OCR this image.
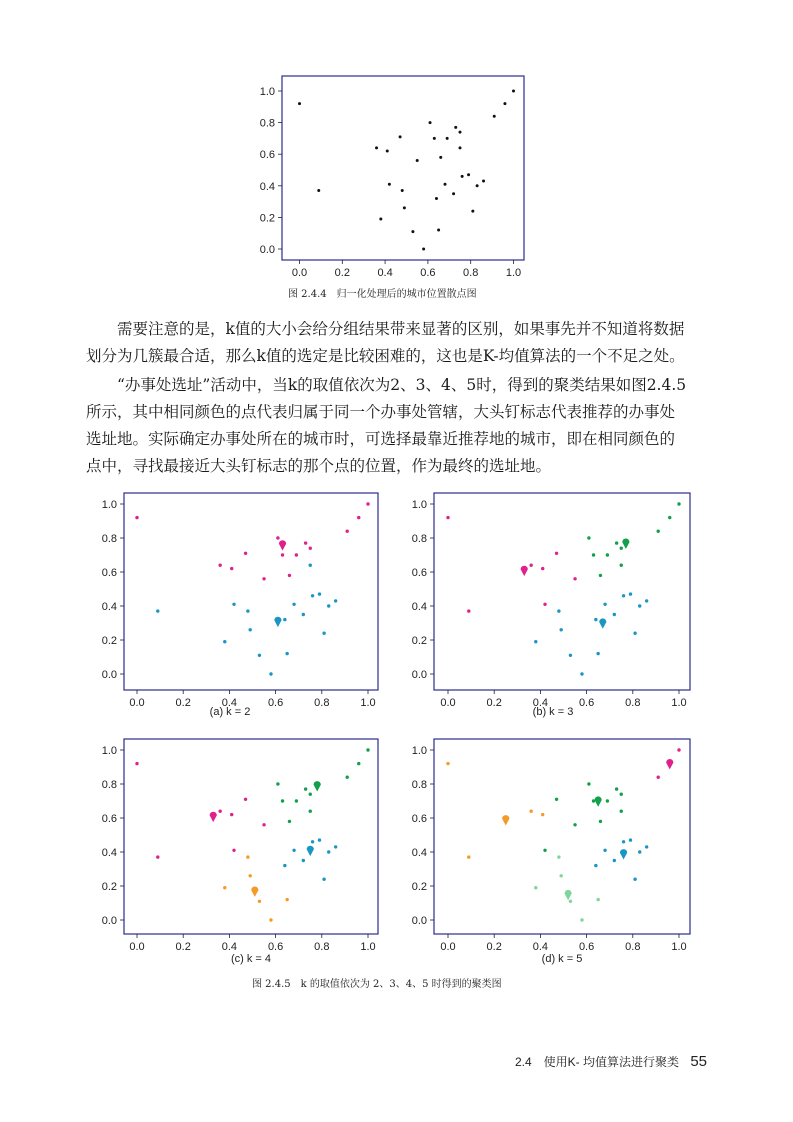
0.0	0.2	0.4	0.6	0.8	1.0
0.0
0.2
0.4
0.6
0.8
1.0
0.0	0.2	0.4	0.6	0.8	1.0
0.0
0.2
0.4
0.6
0.8
1.0
0.0	0.2	0.4	0.6	0.8	1.0
0.0
0.2
0.4
0.6
0.8
1.0
0.0	0.2	0.4	0.6	0.8	1.0
0.0
0.2
0.4
0.6
0.8
1.0
0.0	0.2	0.4	0.6	0.8	1.0
0.0
0.2
0.4
0.6
0.8
1.0
图 2.4.4　归一化处理后的城市位置散点图
需要注意的是，k值的大小会给分组结果带来显著的区别，如果事先并不知道将数据
划分为几簇最合适，那么k值的选定是比较困难的，这也是K-均值算法的一个不足之处。
“办事处选址”活动中，当k的取值依次为2、3、4、5时，得到的聚类结果如图2.4.5
所示，其中相同颜色的点代表归属于同一个办事处管辖，大头钉标志代表推荐的办事处
选址地。实际确定办事处所在的城市时，可选择最靠近推荐地的城市，即在相同颜色的
点中，寻找最接近大头钉标志的那个点的位置，作为最终的选址地。
(a) k = 2	(b) k = 3
(c) k = 4	(d) k = 5
图 2.4.5　k 的取值依次为 2、3、4、5 时得到的聚类图
2.4　使用K- 均值算法进行聚类 55
